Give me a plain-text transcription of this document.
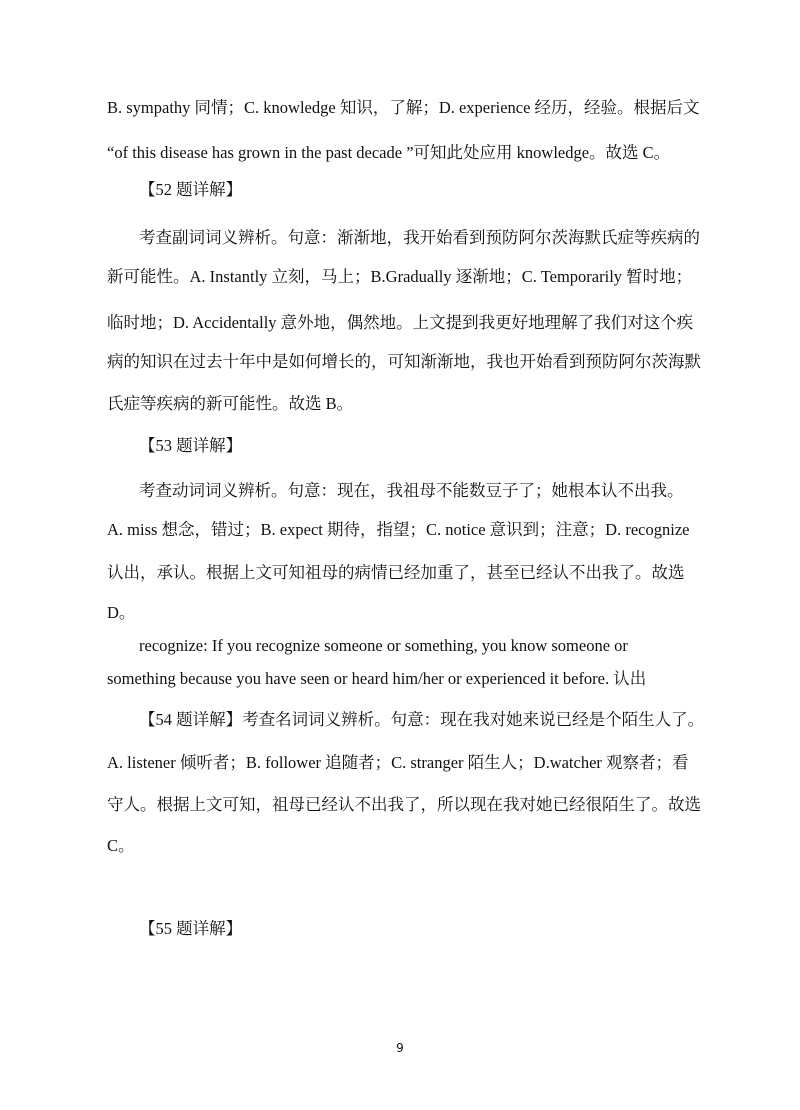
B. sympathy 同情；C. knowledge 知识，了解；D. experience 经历，经验。根据后文
“of this disease has grown in the past decade ”可知此处应用 knowledge。故选 C。
【52 题详解】
考查副词词义辨析。句意：渐渐地，我开始看到预防阿尔茨海默氏症等疾病的
新可能性。A. Instantly 立刻，马上；B.Gradually 逐渐地；C. Temporarily 暂时地；
临时地；D. Accidentally 意外地，偶然地。上文提到我更好地理解了我们对这个疾
病的知识在过去十年中是如何增长的，可知渐渐地，我也开始看到预防阿尔茨海默
氏症等疾病的新可能性。故选 B。
【53 题详解】
考查动词词义辨析。句意：现在，我祖母不能数豆子了；她根本认不出我。
A. miss 想念，错过；B. expect 期待，指望；C. notice 意识到；注意；D. recognize
认出，承认。根据上文可知祖母的病情已经加重了，甚至已经认不出我了。故选
D。
recognize: If you recognize someone or something, you know someone or
something because you have seen or heard him/her or experienced it before. 认出
【54 题详解】考查名词词义辨析。句意：现在我对她来说已经是个陌生人了。
A. listener 倾听者；B. follower 追随者；C. stranger 陌生人；D.watcher 观察者；看
守人。根据上文可知，祖母已经认不出我了，所以现在我对她已经很陌生了。故选
C。
【55 题详解】
9
